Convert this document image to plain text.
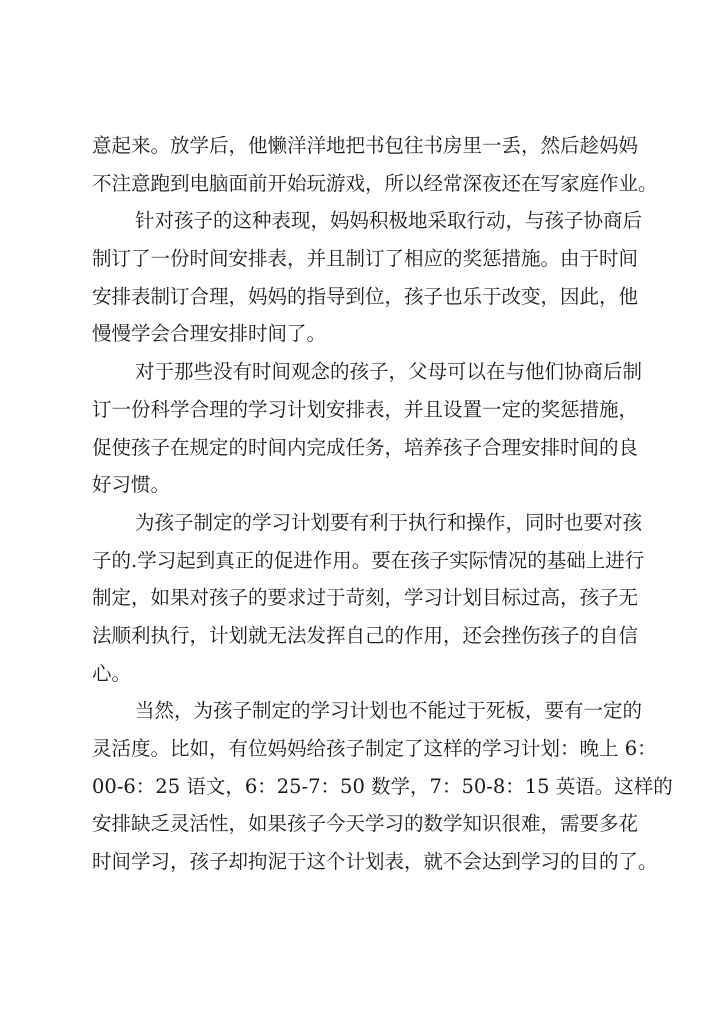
意起来。放学后，他懒洋洋地把书包往书房里一丢，然后趁妈妈
不注意跑到电脑面前开始玩游戏，所以经常深夜还在写家庭作业。
针对孩子的这种表现，妈妈积极地采取行动，与孩子协商后
制订了一份时间安排表，并且制订了相应的奖惩措施。由于时间
安排表制订合理，妈妈的指导到位，孩子也乐于改变，因此，他
慢慢学会合理安排时间了。
对于那些没有时间观念的孩子，父母可以在与他们协商后制
订一份科学合理的学习计划安排表，并且设置一定的奖惩措施，
促使孩子在规定的时间内完成任务，培养孩子合理安排时间的良
好习惯。
为孩子制定的学习计划要有利于执行和操作，同时也要对孩
子的.学习起到真正的促进作用。要在孩子实际情况的基础上进行
制定，如果对孩子的要求过于苛刻，学习计划目标过高，孩子无
法顺利执行，计划就无法发挥自己的作用，还会挫伤孩子的自信
心。
当然，为孩子制定的学习计划也不能过于死板，要有一定的
灵活度。比如，有位妈妈给孩子制定了这样的学习计划：晚上 6：
00-6：25 语文，6：25-7：50 数学，7：50-8：15 英语。这样的
安排缺乏灵活性，如果孩子今天学习的数学知识很难，需要多花
时间学习，孩子却拘泥于这个计划表，就不会达到学习的目的了。
